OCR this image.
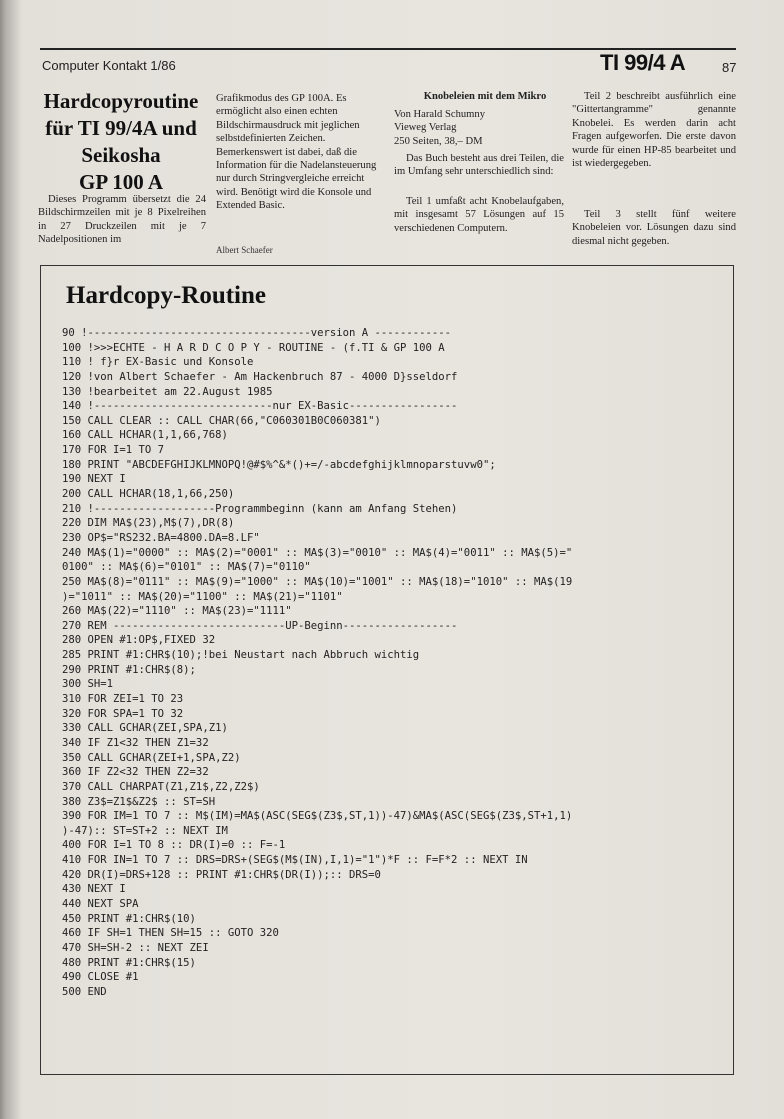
Computer Kontakt 1/86	TI 99/4 A	87
Hardcopyroutine
für TI 99/4A und
Seikosha
GP 100 A

Dieses Programm übersetzt die 24 Bildschirmzeilen mit je 8 Pixelreihen in 27 Druckzeilen mit je 7 Nadelpositionen im

Grafikmodus des GP 100A. Es ermöglicht also einen echten Bildschirmausdruck mit jeglichen selbstdefinierten Zeichen. Bemerkenswert ist dabei, daß die Information für die Nadelansteuerung nur durch Stringvergleiche erreicht wird. Benötigt wird die Konsole und Extended Basic.

Albert Schaefer
Knobeleien mit dem Mikro
Von Harald Schumny
Vieweg Verlag
250 Seiten, 38,– DM

Das Buch besteht aus drei Teilen, die im Umfang sehr unterschiedlich sind:

Teil 1 umfaßt acht Knobelaufgaben, mit insgesamt 57 Lösungen auf 15 verschiedenen Computern.

Teil 2 beschreibt ausführlich eine "Gittertangramme" genannte Knobelei. Es werden darin acht Fragen aufgeworfen. Die erste davon wurde für einen HP-85 bearbeitet und ist wiedergegeben.

Teil 3 stellt fünf weitere Knobeleien vor. Lösungen dazu sind diesmal nicht gegeben.

Hardcopy-Routine
90 !-----------------------------------version A ------------
100 !>>>ECHTE - H A R D C O P Y - ROUTINE - (f.TI & GP 100 A
110 ! f}r EX-Basic und Konsole
120 !von Albert Schaefer - Am Hackenbruch 87 - 4000 D}sseldorf
130 !bearbeitet am 22.August 1985
140 !----------------------------nur EX-Basic-----------------
150 CALL CLEAR :: CALL CHAR(66,"C060301B0C060381")
160 CALL HCHAR(1,1,66,768)
170 FOR I=1 TO 7
180 PRINT "ABCDEFGHIJKLMNOPQ!@#$%^&*()+=/-abcdefghijklmnoparstuvw0";
190 NEXT I
200 CALL HCHAR(18,1,66,250)
210 !-------------------Programmbeginn (kann am Anfang Stehen)
220 DIM MA$(23),M$(7),DR(8)
230 OP$="RS232.BA=4800.DA=8.LF"
240 MA$(1)="0000" :: MA$(2)="0001" :: MA$(3)="0010" :: MA$(4)="0011" :: MA$(5)="
0100" :: MA$(6)="0101" :: MA$(7)="0110"
250 MA$(8)="0111" :: MA$(9)="1000" :: MA$(10)="1001" :: MA$(18)="1010" :: MA$(19
)="1011" :: MA$(20)="1100" :: MA$(21)="1101"
260 MA$(22)="1110" :: MA$(23)="1111"
270 REM ---------------------------UP-Beginn------------------
280 OPEN #1:OP$,FIXED 32
285 PRINT #1:CHR$(10);!bei Neustart nach Abbruch wichtig
290 PRINT #1:CHR$(8);
300 SH=1
310 FOR ZEI=1 TO 23
320 FOR SPA=1 TO 32
330 CALL GCHAR(ZEI,SPA,Z1)
340 IF Z1<32 THEN Z1=32
350 CALL GCHAR(ZEI+1,SPA,Z2)
360 IF Z2<32 THEN Z2=32
370 CALL CHARPAT(Z1,Z1$,Z2,Z2$)
380 Z3$=Z1$&Z2$ :: ST=SH
390 FOR IM=1 TO 7 :: M$(IM)=MA$(ASC(SEG$(Z3$,ST,1))-47)&MA$(ASC(SEG$(Z3$,ST+1,1)
)-47):: ST=ST+2 :: NEXT IM
400 FOR I=1 TO 8 :: DR(I)=0 :: F=-1
410 FOR IN=1 TO 7 :: DRS=DRS+(SEG$(M$(IN),I,1)="1")*F :: F=F*2 :: NEXT IN
420 DR(I)=DRS+128 :: PRINT #1:CHR$(DR(I));:: DRS=0
430 NEXT I
440 NEXT SPA
450 PRINT #1:CHR$(10)
460 IF SH=1 THEN SH=15 :: GOTO 320
470 SH=SH-2 :: NEXT ZEI
480 PRINT #1:CHR$(15)
490 CLOSE #1
500 END
